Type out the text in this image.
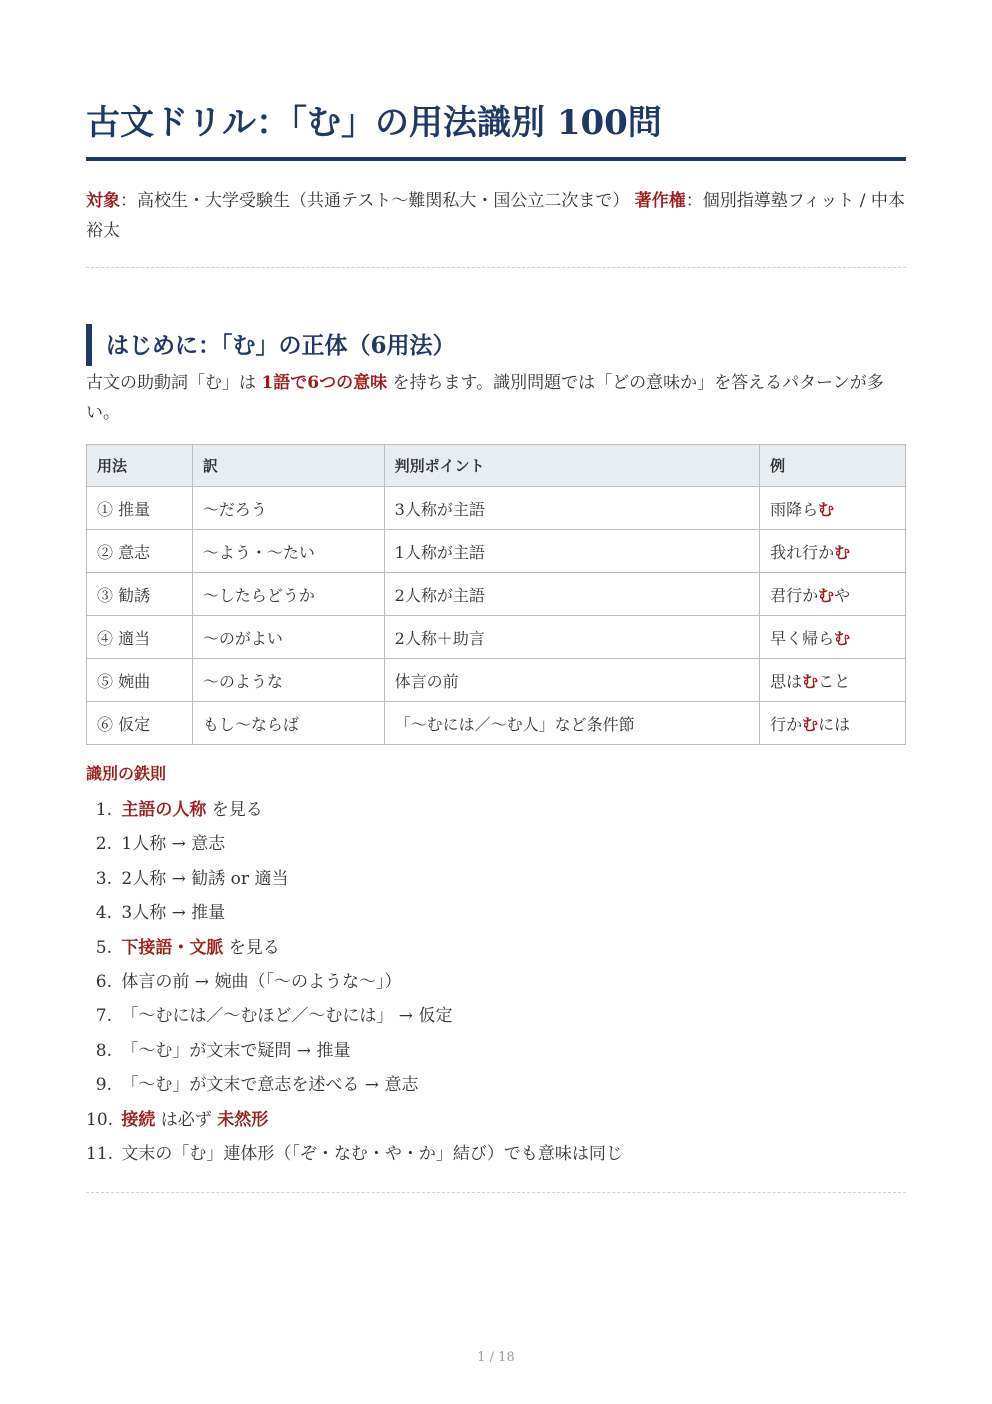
古文ドリル：「む」の用法識別 100問
対象：高校生・大学受験生（共通テスト〜難関私大・国公立二次まで） 著作権：個別指導塾フィット / 中本裕太
はじめに：「む」の正体（6用法）

古文の助動詞「む」は 1語で6つの意味 を持ちます。識別問題では「どの意味か」を答えるパターンが多い。

用法	訳	判別ポイント	例
① 推量	〜だろう	3人称が主語	雨降らむ
② 意志	〜よう・〜たい	1人称が主語	我れ行かむ
③ 勧誘	〜したらどうか	2人称が主語	君行かむや
④ 適当	〜のがよい	2人称＋助言	早く帰らむ
⑤ 婉曲	〜のような	体言の前	思はむこと
⑥ 仮定	もし〜ならば	「〜むには／〜む人」など条件節	行かむには
識別の鉄則
1. 主語の人称 を見る
2. 1人称 → 意志
3. 2人称 → 勧誘 or 適当
4. 3人称 → 推量
5. 下接語・文脈 を見る
6. 体言の前 → 婉曲（「〜のような〜」）
7. 「〜むには／〜むほど／〜むには」 → 仮定
8. 「〜む」が文末で疑問 → 推量
9. 「〜む」が文末で意志を述べる → 意志
10. 接続 は必ず 未然形
11. 文末の「む」連体形（「ぞ・なむ・や・か」結び）でも意味は同じ
1 / 18
